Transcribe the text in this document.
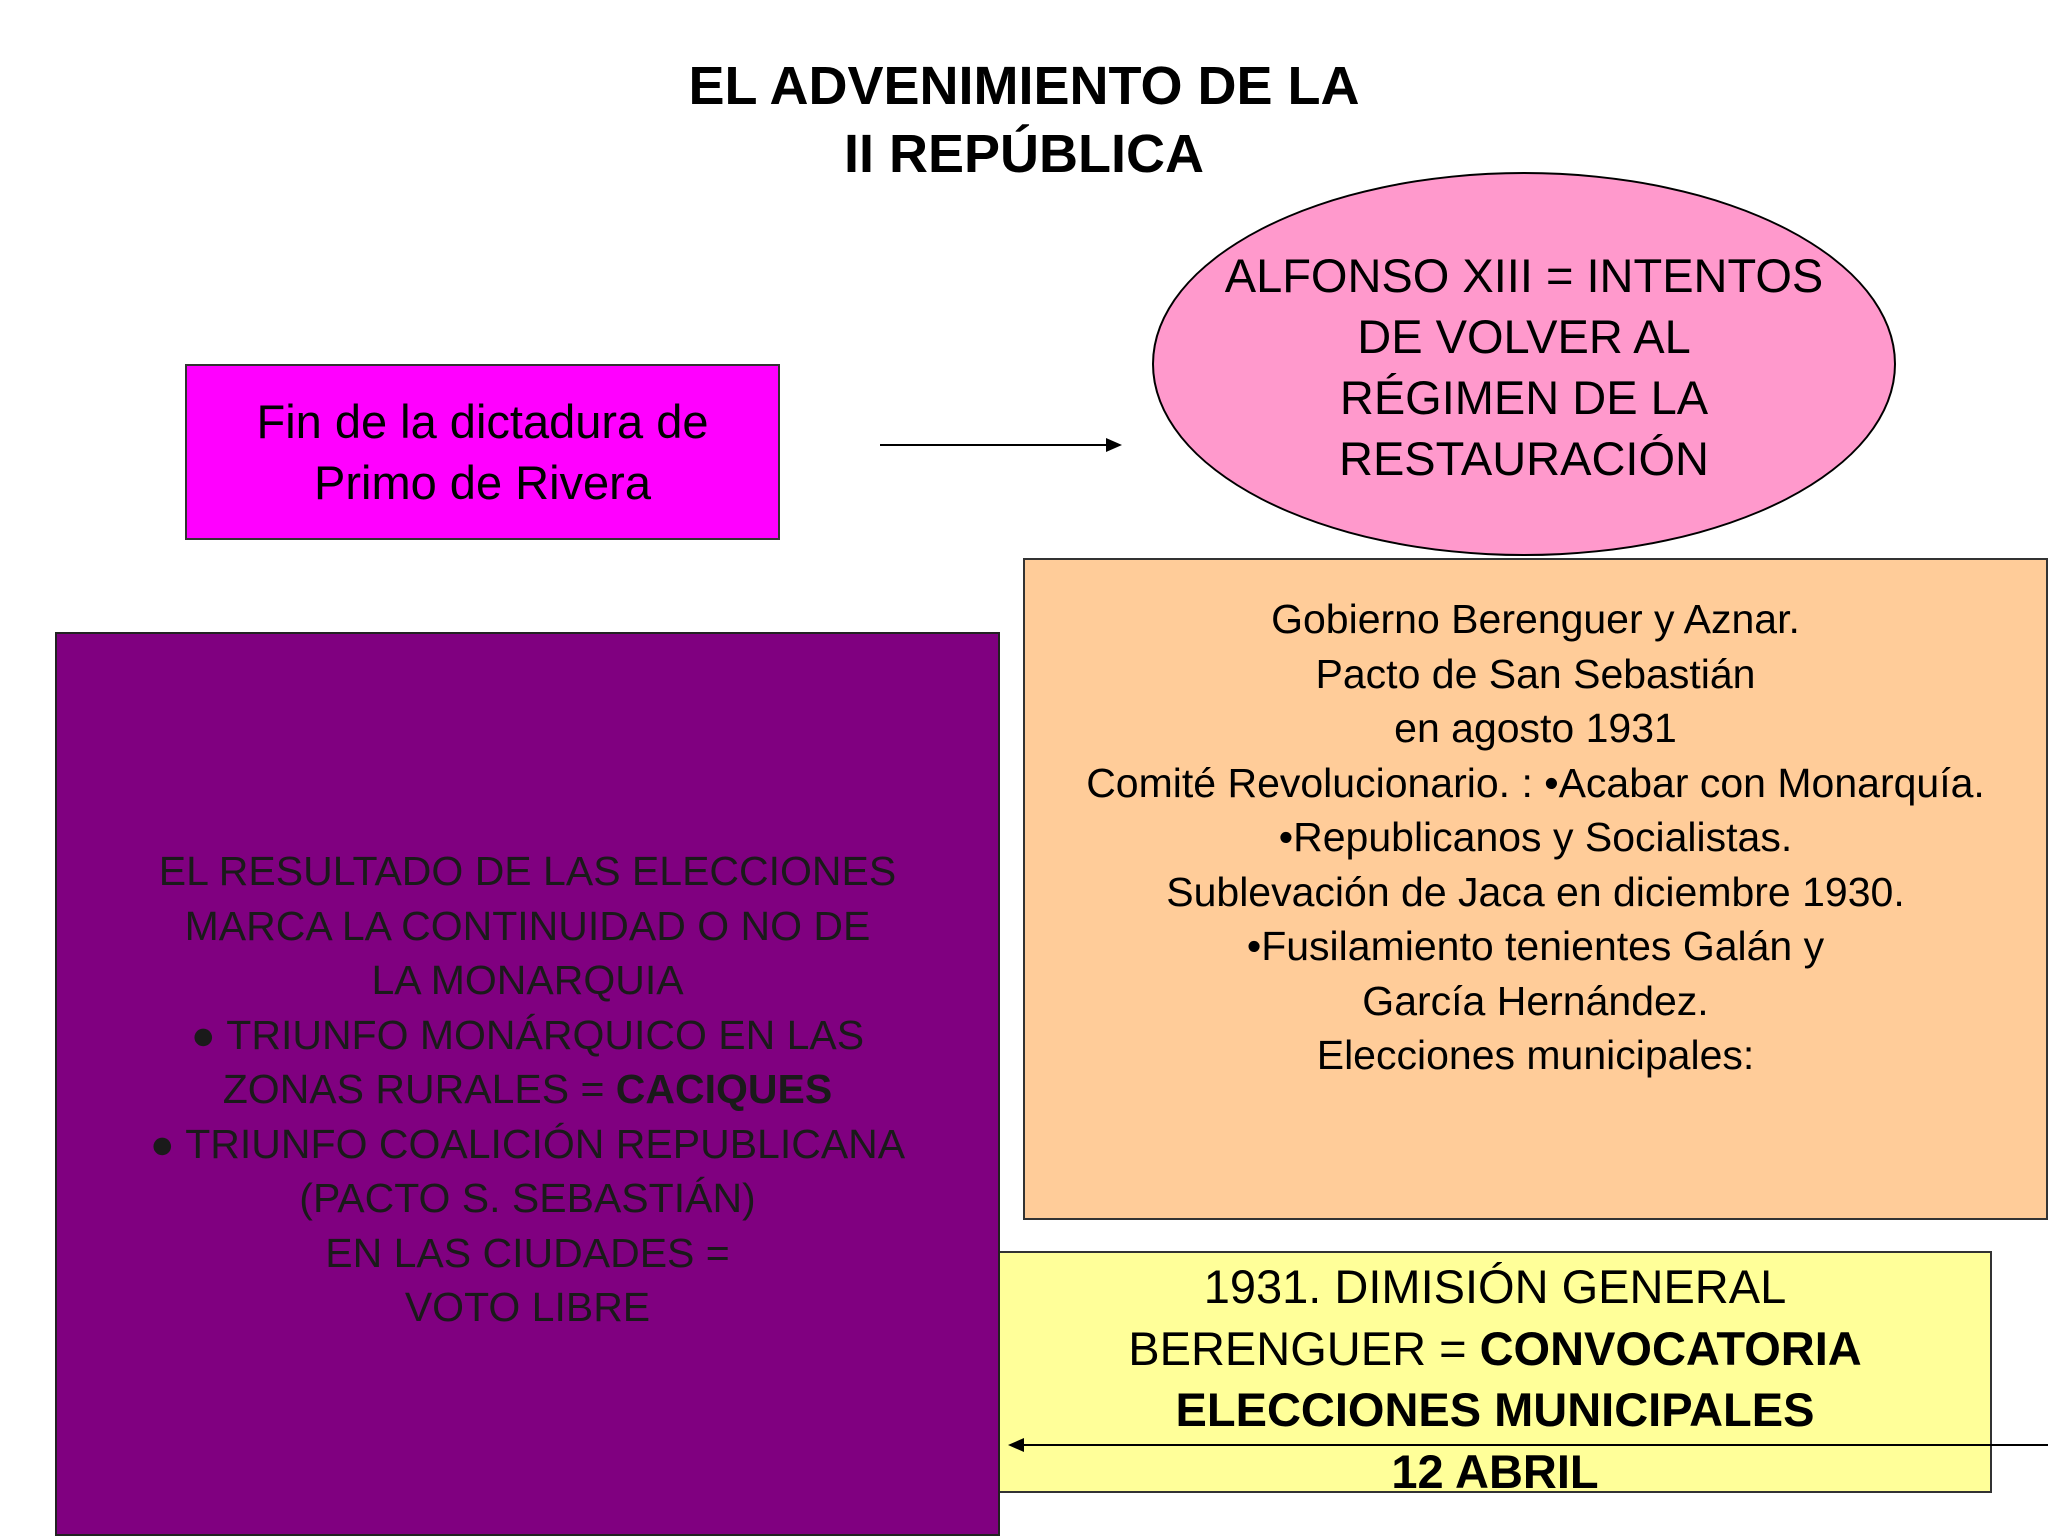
EL ADVENIMIENTO DE LA
II REPÚBLICA
Fin de la dictadura de
Primo de Rivera
ALFONSO XIII = INTENTOS
DE VOLVER AL
RÉGIMEN DE LA
RESTAURACIÓN
Gobierno Berenguer y Aznar.
Pacto de San Sebastián
en agosto 1931
Comité Revolucionario. : •Acabar con Monarquía.
•Republicanos y Socialistas.
Sublevación de Jaca en diciembre 1930.
•Fusilamiento tenientes Galán y
García Hernández.
Elecciones municipales:
EL RESULTADO DE LAS ELECCIONES
MARCA LA CONTINUIDAD O NO DE
LA MONARQUIA
● TRIUNFO MONÁRQUICO EN LAS
ZONAS RURALES = CACIQUES
● TRIUNFO COALICIÓN REPUBLICANA
(PACTO S. SEBASTIÁN)
EN LAS CIUDADES =
VOTO LIBRE	1931. DIMISIÓN GENERAL
BERENGUER = CONVOCATORIA
ELECCIONES MUNICIPALES
12 ABRIL
